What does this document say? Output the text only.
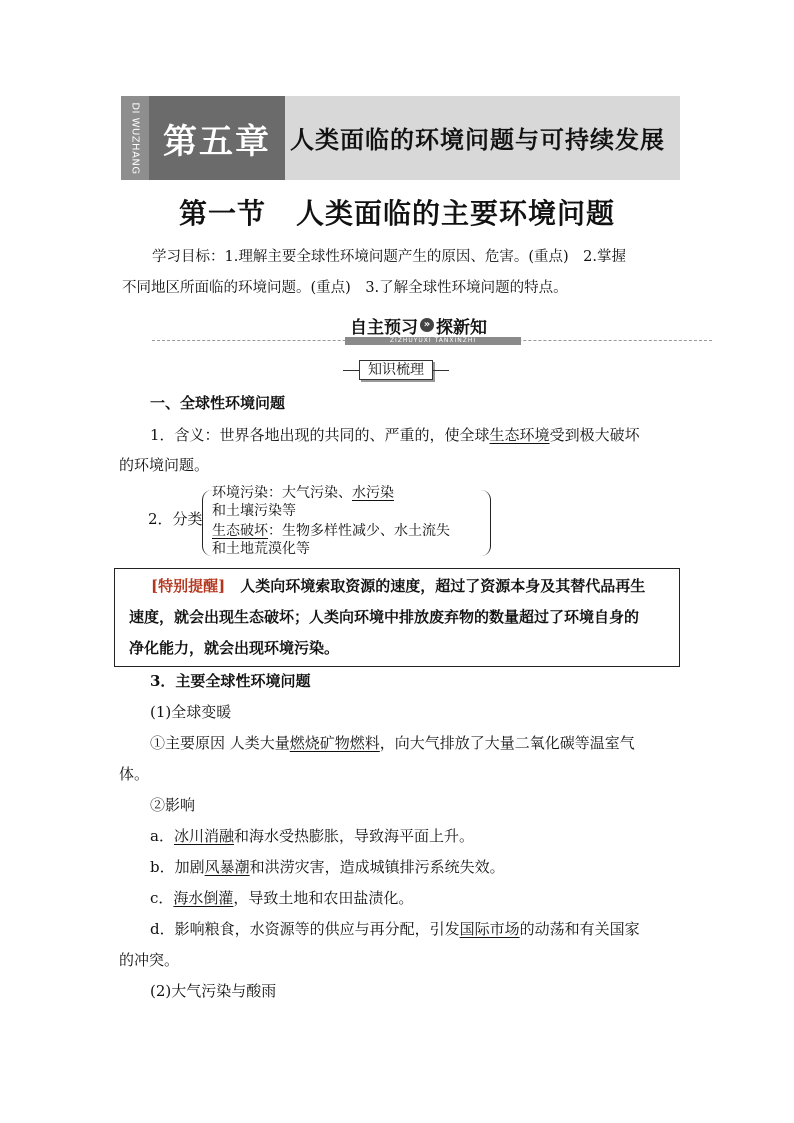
DI WUZHANG 第五章 人类面临的环境问题与可持续发展
第一节 人类面临的主要环境问题
学习目标：1.理解主要全球性环境问题产生的原因、危害。(重点)　2.掌握
不同地区所面临的环境问题。(重点)　3.了解全球性环境问题的特点。
自主预习 » 探新知
ZIZHUYUXI TANXINZHI
知识梳理
一、全球性环境问题
1．含义：世界各地出现的共同的、严重的，使全球生态环境受到极大破坏
的环境问题。
2．分类
环境污染：大气污染、水污染
和土壤污染等
生态破坏：生物多样性减少、水土流失
和土地荒漠化等
[特别提醒]　人类向环境索取资源的速度，超过了资源本身及其替代品再生
速度，就会出现生态破坏；人类向环境中排放废弃物的数量超过了环境自身的
净化能力，就会出现环境污染。
3．主要全球性环境问题
(1)全球变暖
①主要原因 人类大量燃烧矿物燃料，向大气排放了大量二氧化碳等温室气
体。
②影响
a．冰川消融和海水受热膨胀，导致海平面上升。
b．加剧风暴潮和洪涝灾害，造成城镇排污系统失效。
c．海水倒灌，导致土地和农田盐渍化。
d．影响粮食，水资源等的供应与再分配，引发国际市场的动荡和有关国家
的冲突。
(2)大气污染与酸雨
